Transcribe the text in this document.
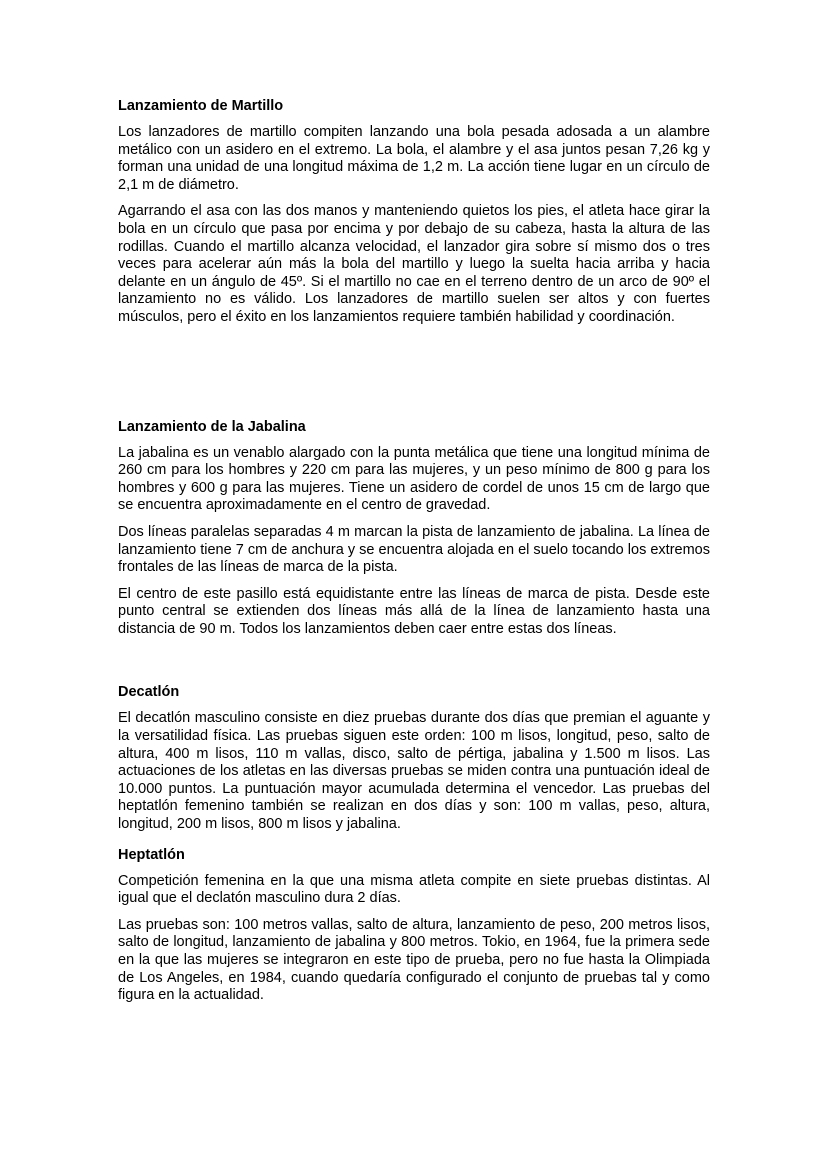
Lanzamiento de Martillo

Los lanzadores de martillo compiten lanzando una bola pesada adosada a un alambre metálico con un asidero en el extremo. La bola, el alambre y el asa juntos pesan 7,26 kg y forman una unidad de una longitud máxima de 1,2 m. La acción tiene lugar en un círculo de 2,1 m de diámetro.

Agarrando el asa con las dos manos y manteniendo quietos los pies, el atleta hace girar la bola en un círculo que pasa por encima y por debajo de su cabeza, hasta la altura de las rodillas. Cuando el martillo alcanza velocidad, el lanzador gira sobre sí mismo dos o tres veces para acelerar aún más la bola del martillo y luego la suelta hacia arriba y hacia delante en un ángulo de 45º. Si el martillo no cae en el terreno dentro de un arco de 90º el lanzamiento no es válido. Los lanzadores de martillo suelen ser altos y con fuertes músculos, pero el éxito en los lanzamientos requiere también habilidad y coordinación.

Lanzamiento de la Jabalina

La jabalina es un venablo alargado con la punta metálica que tiene una longitud mínima de 260 cm para los hombres y 220 cm para las mujeres, y un peso mínimo de 800 g para los hombres y 600 g para las mujeres. Tiene un asidero de cordel de unos 15 cm de largo que se encuentra aproximadamente en el centro de gravedad.

Dos líneas paralelas separadas 4 m marcan la pista de lanzamiento de jabalina. La línea de lanzamiento tiene 7 cm de anchura y se encuentra alojada en el suelo tocando los extremos frontales de las líneas de marca de la pista.

El centro de este pasillo está equidistante entre las líneas de marca de pista. Desde este punto central se extienden dos líneas más allá de la línea de lanzamiento hasta una distancia de 90 m. Todos los lanzamientos deben caer entre estas dos líneas.

Decatlón

El decatlón masculino consiste en diez pruebas durante dos días que premian el aguante y la versatilidad física. Las pruebas siguen este orden: 100 m lisos, longitud, peso, salto de altura, 400 m lisos, 110 m vallas, disco, salto de pértiga, jabalina y 1.500 m lisos. Las actuaciones de los atletas en las diversas pruebas se miden contra una puntuación ideal de 10.000 puntos. La puntuación mayor acumulada determina el vencedor. Las pruebas del heptatlón femenino también se realizan en dos días y son: 100 m vallas, peso, altura, longitud, 200 m lisos, 800 m lisos y jabalina.

Heptatlón

Competición femenina en la que una misma atleta compite en siete pruebas distintas. Al igual que el declatón masculino dura 2 días.

Las pruebas son: 100 metros vallas, salto de altura, lanzamiento de peso, 200 metros lisos, salto de longitud, lanzamiento de jabalina y 800 metros. Tokio, en 1964, fue la primera sede en la que las mujeres se integraron en este tipo de prueba, pero no fue hasta la Olimpiada de Los Angeles, en 1984, cuando quedaría configurado el conjunto de pruebas tal y como figura en la actualidad.
